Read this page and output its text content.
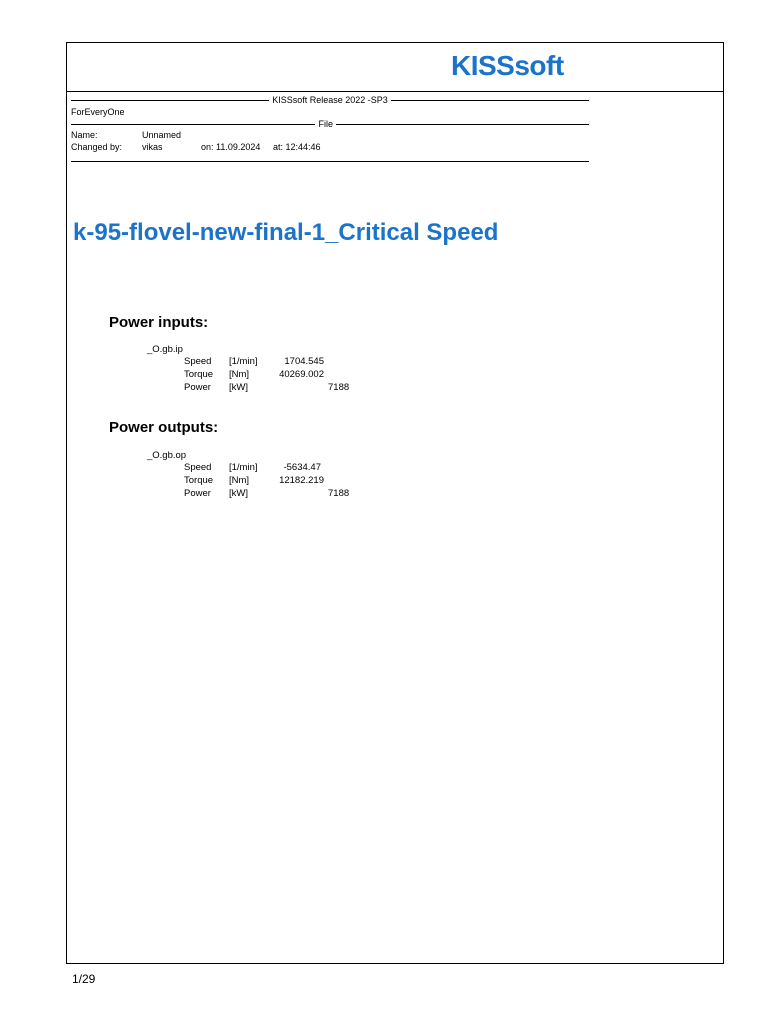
KISSsoft
KISSsoft Release 2022 -SP3
ForEveryOne
File
Name:	Unnamed
Changed by: vikas	on: 11.09.2024 at: 12:44:46
k-95-flovel-new-final-1_Critical Speed
Power inputs:
_O.gb.ip
Speed [1/min]	1704.545
Torque [Nm]	40269.002
Power [kW]	7188
Power outputs:
_O.gb.op
Speed [1/min]	-5634.47
Torque [Nm]	12182.219
Power [kW]	7188
1/29
